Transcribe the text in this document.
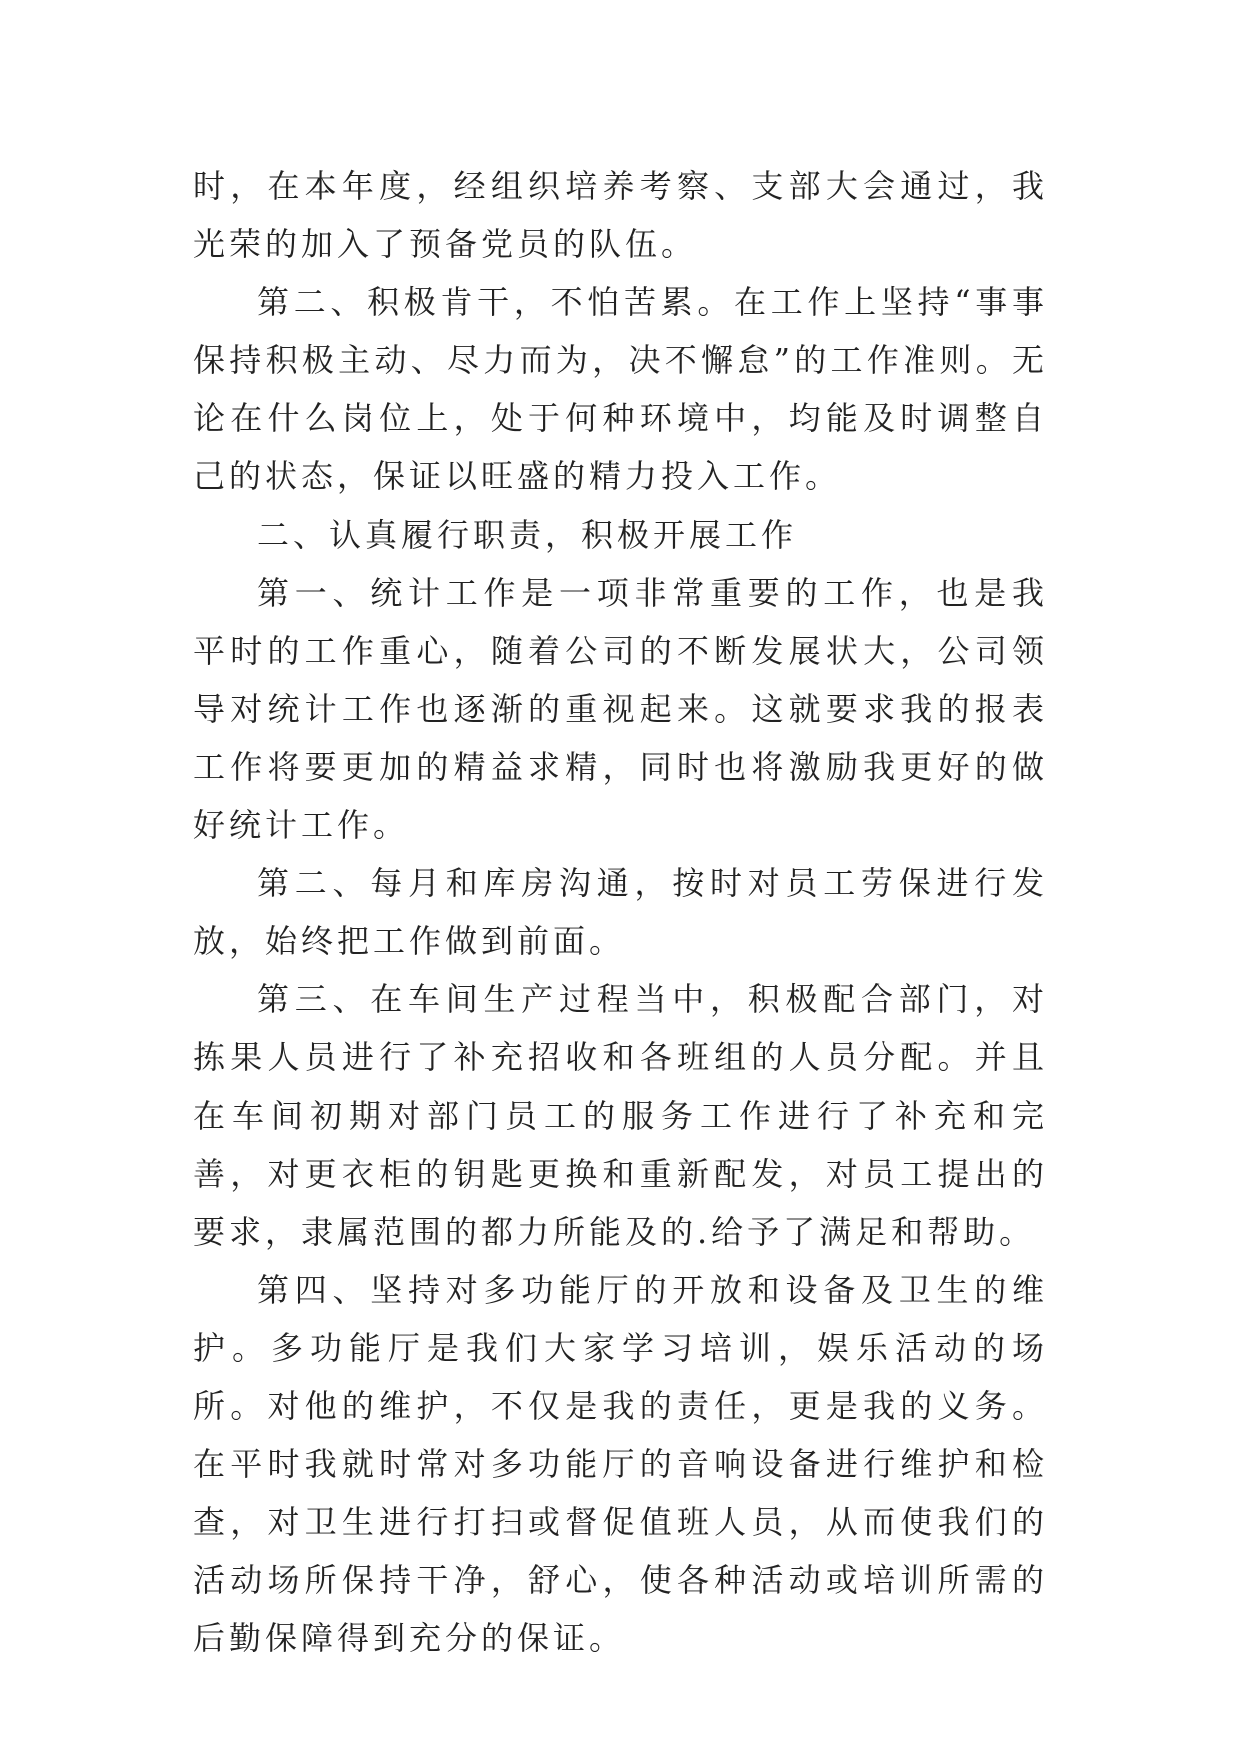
时，在本年度，经组织培养考察、支部大会通过，我光荣的加入了预备党员的队伍。

第二、积极肯干，不怕苦累。在工作上坚持“事事保持积极主动、尽力而为，决不懈怠”的工作准则。无论在什么岗位上，处于何种环境中，均能及时调整自己的状态，保证以旺盛的精力投入工作。

二、认真履行职责，积极开展工作

第一、统计工作是一项非常重要的工作，也是我平时的工作重心，随着公司的不断发展状大，公司领导对统计工作也逐渐的重视起来。这就要求我的报表工作将要更加的精益求精，同时也将激励我更好的做好统计工作。

第二、每月和库房沟通，按时对员工劳保进行发放，始终把工作做到前面。

第三、在车间生产过程当中，积极配合部门，对拣果人员进行了补充招收和各班组的人员分配。并且在车间初期对部门员工的服务工作进行了补充和完善，对更衣柜的钥匙更换和重新配发，对员工提出的要求，隶属范围的都力所能及的.给予了满足和帮助。

第四、坚持对多功能厅的开放和设备及卫生的维护。多功能厅是我们大家学习培训，娱乐活动的场所。对他的维护，不仅是我的责任，更是我的义务。在平时我就时常对多功能厅的音响设备进行维护和检查，对卫生进行打扫或督促值班人员，从而使我们的活动场所保持干净，舒心，使各种活动或培训所需的后勤保障得到充分的保证。
